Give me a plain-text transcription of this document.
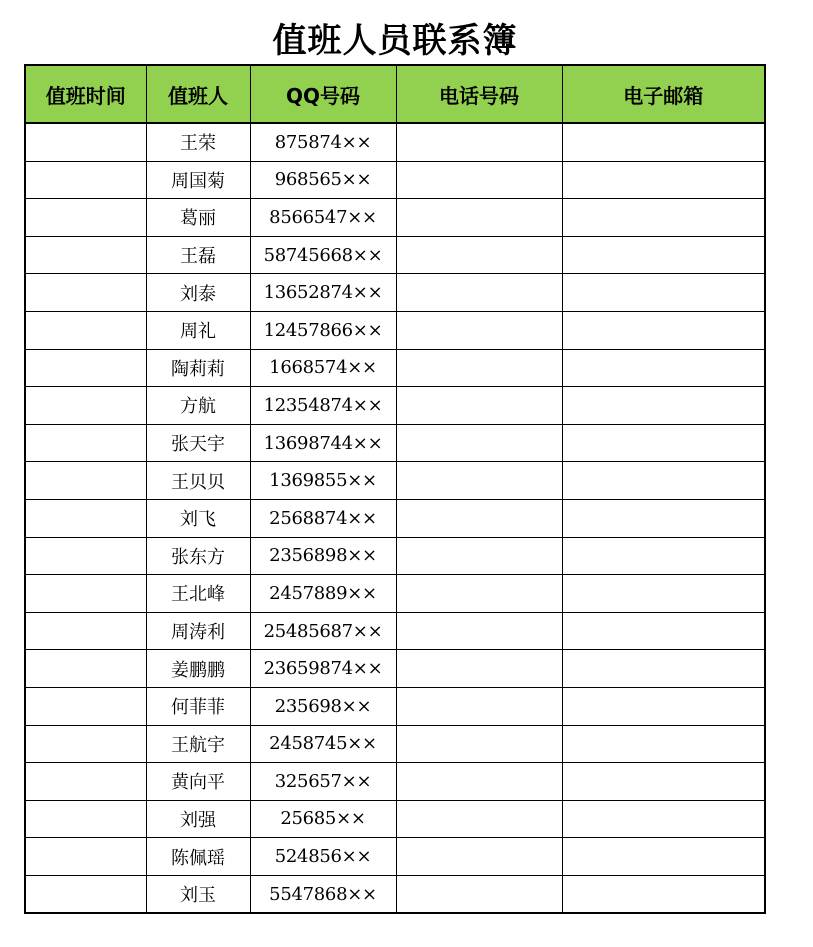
值班人员联系簿
值班时间	值班人	QQ号码	电话号码	电子邮箱
	王荣	875874××		
	周国菊	968565××		
	葛丽	8566547××		
	王磊	58745668××		
	刘泰	13652874××		
	周礼	12457866××		
	陶莉莉	1668574××		
	方航	12354874××		
	张天宇	13698744××		
	王贝贝	1369855××		
	刘飞	2568874××		
	张东方	2356898××		
	王北峰	2457889××		
	周涛利	25485687××		
	姜鹏鹏	23659874××		
	何菲菲	235698××		
	王航宇	2458745××		
	黄向平	325657××		
	刘强	25685××		
	陈佩瑶	524856××		
	刘玉	5547868××		
